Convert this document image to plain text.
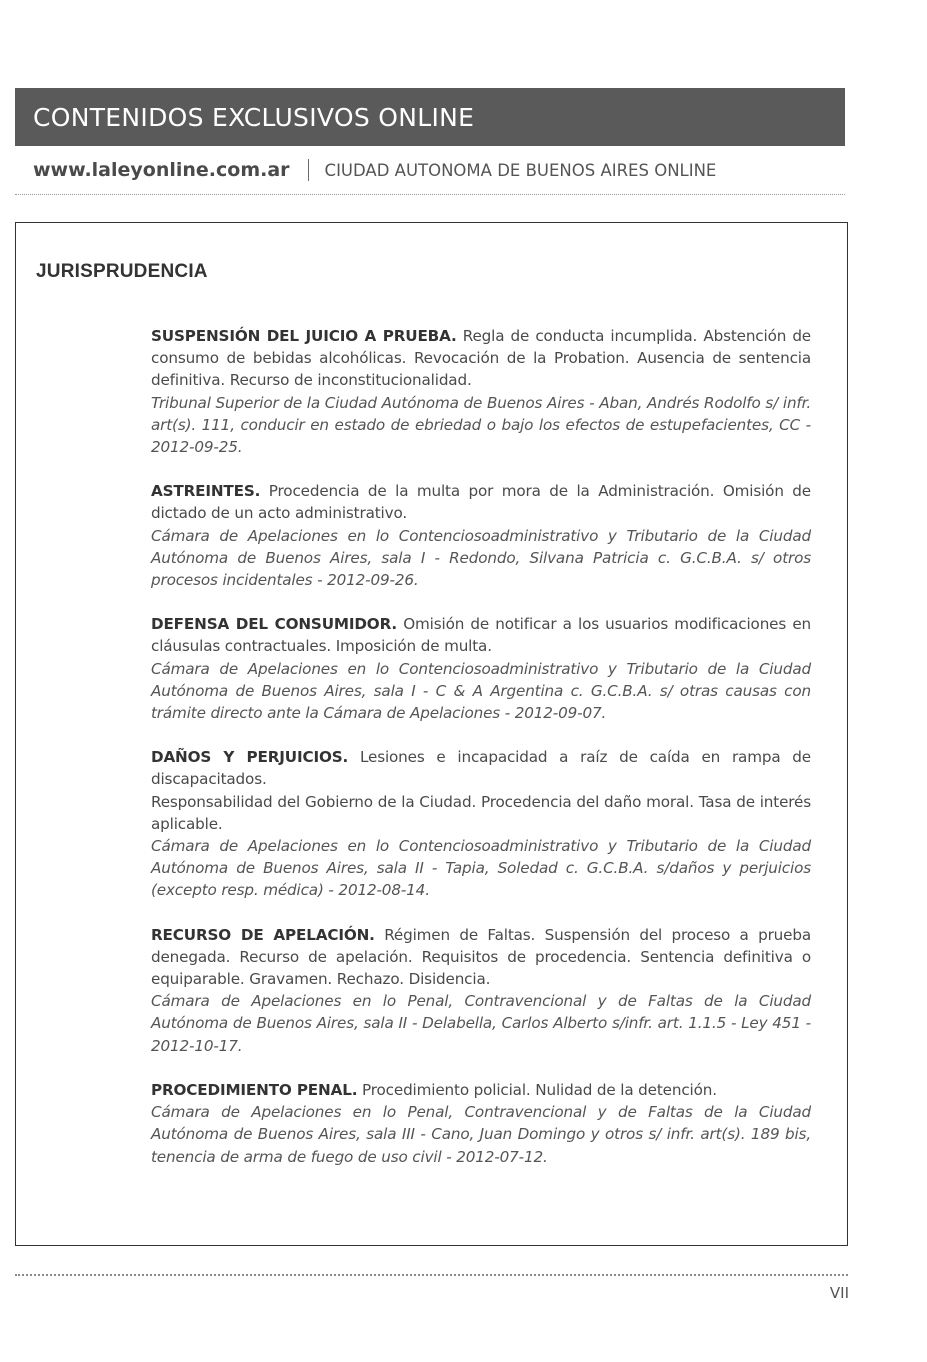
CONTENIDOS EXCLUSIVOS ONLINE
www.laleyonline.com.ar CIUDAD AUTONOMA DE BUENOS AIRES ONLINE
JURISPRUDENCIA
SUSPENSIÓN DEL JUICIO A PRUEBA. Regla de conducta incumplida. Abstención de consumo de bebidas alcohólicas. Revocación de la Probation. Ausencia de sentencia definitiva. Recurso de inconstitucionalidad.
Tribunal Superior de la Ciudad Autónoma de Buenos Aires - Aban, Andrés Rodolfo s/ infr. art(s). 111, conducir en estado de ebriedad o bajo los efectos de estupefacientes, CC - 2012-09-25.
ASTREINTES. Procedencia de la multa por mora de la Administración. Omisión de dictado de un acto administrativo.
Cámara de Apelaciones en lo Contenciosoadministrativo y Tributario de la Ciudad Autónoma de Buenos Aires, sala I - Redondo, Silvana Patricia c. G.C.B.A. s/ otros procesos incidentales - 2012-09-26.
DEFENSA DEL CONSUMIDOR. Omisión de notificar a los usuarios modificaciones en cláusulas contractuales. Imposición de multa.
Cámara de Apelaciones en lo Contenciosoadministrativo y Tributario de la Ciudad Autónoma de Buenos Aires, sala I - C & A Argentina c. G.C.B.A. s/ otras causas con trámite directo ante la Cámara de Apelaciones - 2012-09-07.
DAÑOS Y PERJUICIOS. Lesiones e incapacidad a raíz de caída en rampa de discapacitados.
Responsabilidad del Gobierno de la Ciudad. Procedencia del daño moral. Tasa de interés aplicable.
Cámara de Apelaciones en lo Contenciosoadministrativo y Tributario de la Ciudad Autónoma de Buenos Aires, sala II - Tapia, Soledad c. G.C.B.A. s/daños y perjuicios (excepto resp. médica) - 2012-08-14.
RECURSO DE APELACIÓN. Régimen de Faltas. Suspensión del proceso a prueba denegada. Recurso de apelación. Requisitos de procedencia. Sentencia definitiva o equiparable. Gravamen. Rechazo. Disidencia.
Cámara de Apelaciones en lo Penal, Contravencional y de Faltas de la Ciudad Autónoma de Buenos Aires, sala II - Delabella, Carlos Alberto s/infr. art. 1.1.5 - Ley 451 - 2012-10-17.
PROCEDIMIENTO PENAL. Procedimiento policial. Nulidad de la detención.
Cámara de Apelaciones en lo Penal, Contravencional y de Faltas de la Ciudad Autónoma de Buenos Aires, sala III - Cano, Juan Domingo y otros s/ infr. art(s). 189 bis, tenencia de arma de fuego de uso civil - 2012-07-12.
VII
